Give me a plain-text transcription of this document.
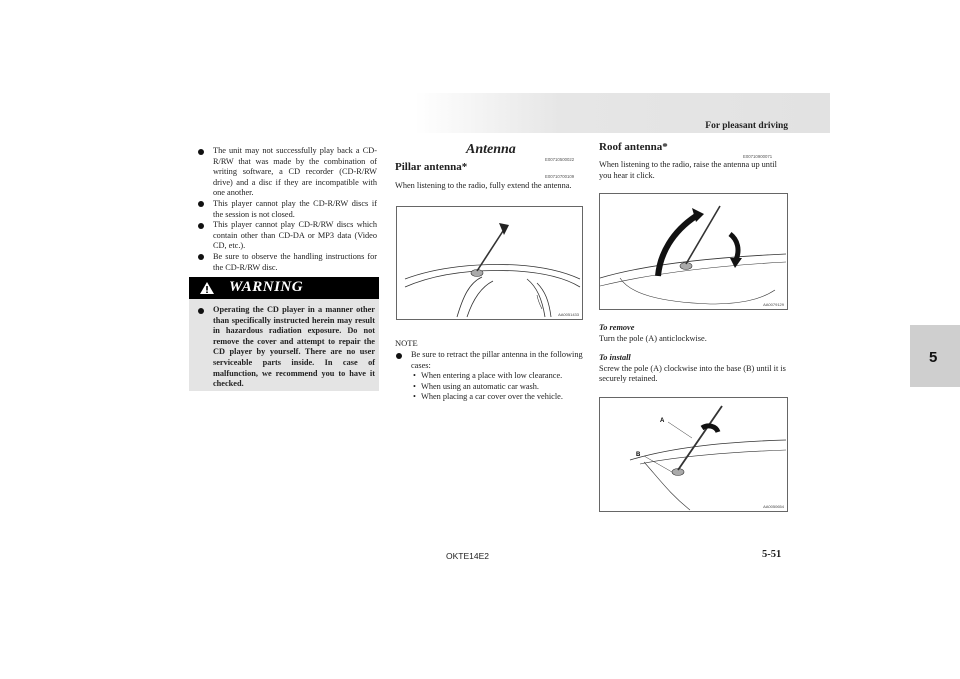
For pleasant driving
5

The unit may not successfully play back a CD-R/RW that was made by the combination of writing software, a CD recorder (CD-R/RW drive) and a disc if they are incompatible with one another.

This player cannot play the CD-R/RW discs if the session is not closed.

This player cannot play CD-R/RW discs which contain other than CD-DA or MP3 data (Video CD, etc.).

Be sure to observe the handling instructions for the CD-R/RW disc.

WARNING

Operating the CD player in a manner other than specifically instructed herein may result in hazardous radiation exposure. Do not remove the cover and attempt to repair the CD player by yourself. There are no user serviceable parts inside. In case of malfunction, we recommend you to have it checked.

Antenna
E00710500022
Pillar antenna*
E00710700109
When listening to the radio, fully extend the antenna.
AA0051433
NOTE

Be sure to retract the pillar antenna in the following cases:

• When entering a place with low clearance.
• When using an automatic car wash.
• When placing a car cover over the vehicle.
Roof antenna*
E00710900071
When listening to the radio, raise the antenna up until you hear it click.
AA0079129
To remove
Turn the pole (A) anticlockwise.
To install
Screw the pole (A) clockwise into the base (B) until it is securely retained.
A
B
AA0050654
OKTE14E2	5-51
